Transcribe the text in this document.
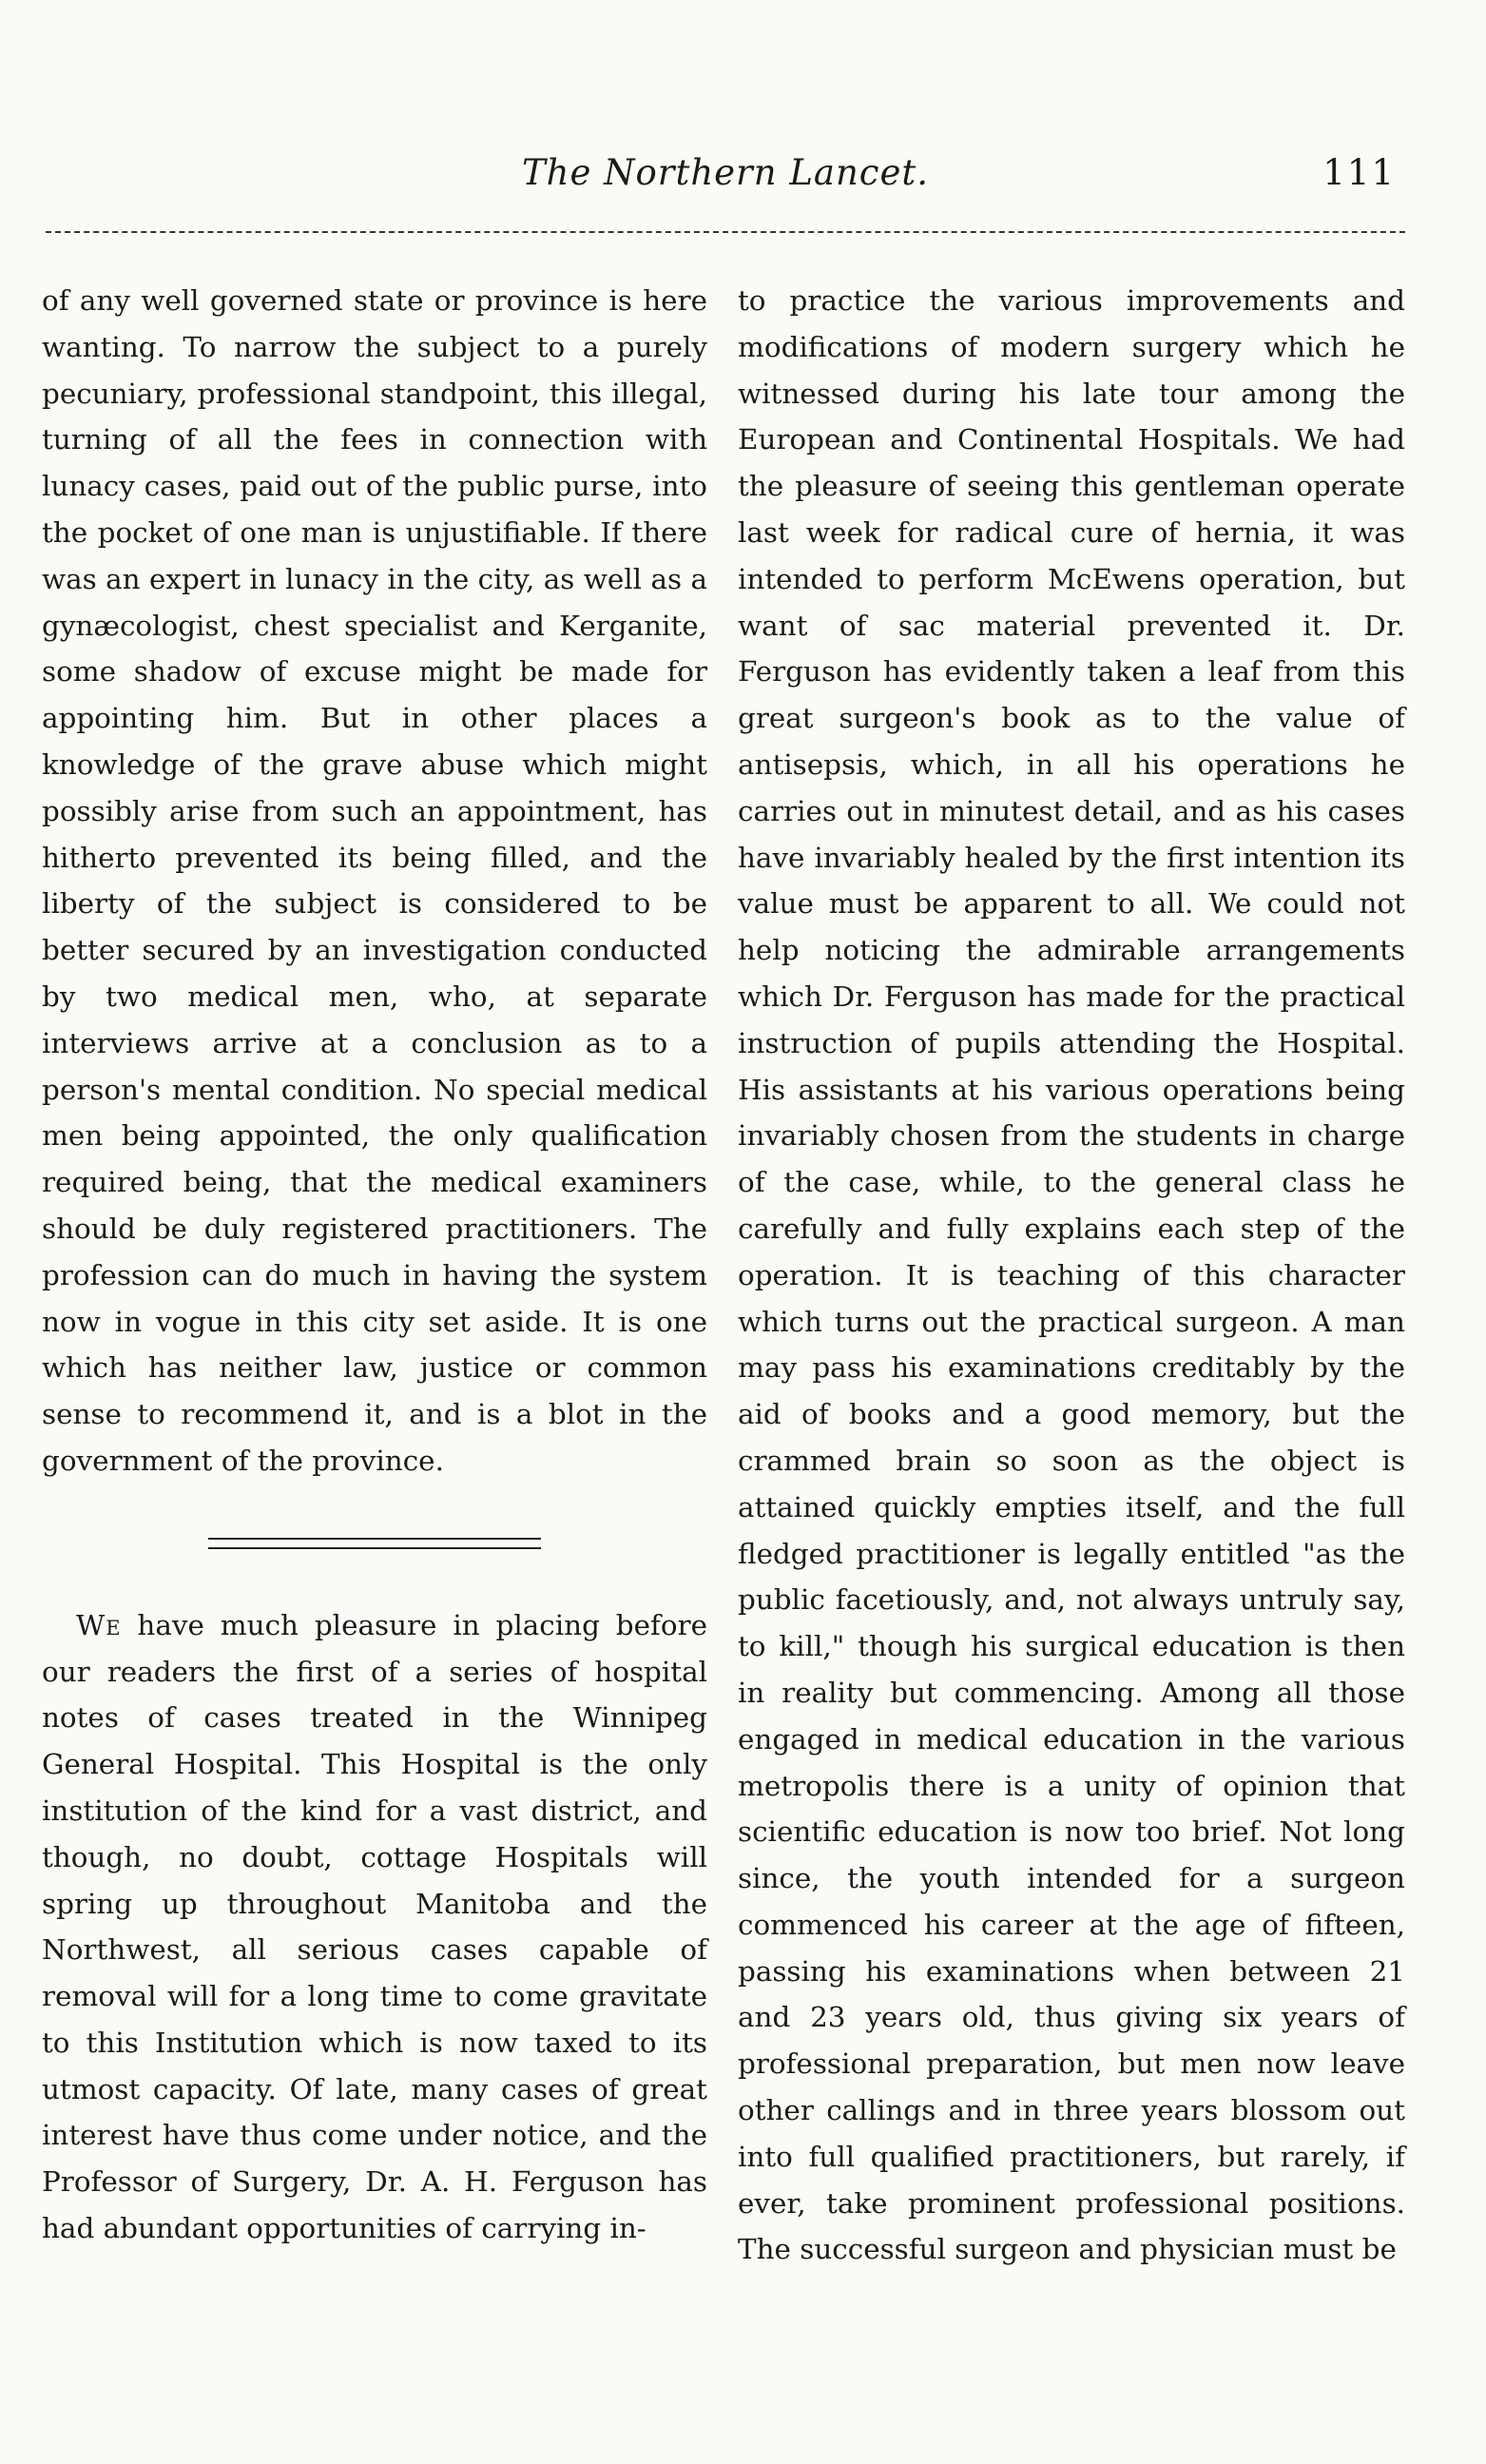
The Northern Lancet.	111

of any well governed state or province is here wanting. To narrow the subject to a purely pecuniary, professional standpoint, this illegal, turning of all the fees in connection with lunacy cases, paid out of the public purse, into the pocket of one man is unjustifiable. If there was an expert in lunacy in the city, as well as a gynæcologist, chest specialist and Kerganite, some shadow of excuse might be made for appointing him. But in other places a knowledge of the grave abuse which might possibly arise from such an appointment, has hitherto prevented its being filled, and the liberty of the subject is considered to be better secured by an investigation conducted by two medical men, who, at separate interviews arrive at a conclusion as to a person's mental condition. No special medical men being appointed, the only qualification required being, that the medical examiners should be duly registered practitioners. The profession can do much in having the system now in vogue in this city set aside. It is one which has neither law, justice or common sense to recommend it, and is a blot in the government of the province.

We have much pleasure in placing before our readers the first of a series of hospital notes of cases treated in the Winnipeg General Hospital. This Hospital is the only institution of the kind for a vast district, and though, no doubt, cottage Hospitals will spring up throughout Manitoba and the Northwest, all serious cases capable of removal will for a long time to come gravitate to this Institution which is now taxed to its utmost capacity. Of late, many cases of great interest have thus come under notice, and the Professor of Surgery, Dr. A. H. Ferguson has had abundant opportunities of carrying in-

to practice the various improvements and modifications of modern surgery which he witnessed during his late tour among the European and Continental Hospitals. We had the pleasure of seeing this gentleman operate last week for radical cure of hernia, it was intended to perform McEwens operation, but want of sac material prevented it. Dr. Ferguson has evidently taken a leaf from this great surgeon's book as to the value of antisepsis, which, in all his operations he carries out in minutest detail, and as his cases have invariably healed by the first intention its value must be apparent to all. We could not help noticing the admirable arrangements which Dr. Ferguson has made for the practical instruction of pupils attending the Hospital. His assistants at his various operations being invariably chosen from the students in charge of the case, while, to the general class he carefully and fully explains each step of the operation. It is teaching of this character which turns out the practical surgeon. A man may pass his examinations creditably by the aid of books and a good memory, but the crammed brain so soon as the object is attained quickly empties itself, and the full fledged practitioner is legally entitled "as the public facetiously, and, not always untruly say, to kill," though his surgical education is then in reality but commencing. Among all those engaged in medical education in the various metropolis there is a unity of opinion that scientific education is now too brief. Not long since, the youth intended for a surgeon commenced his career at the age of fifteen, passing his examinations when between 21 and 23 years old, thus giving six years of professional preparation, but men now leave other callings and in three years blossom out into full qualified practitioners, but rarely, if ever, take prominent professional positions. The successful surgeon and physician must be
